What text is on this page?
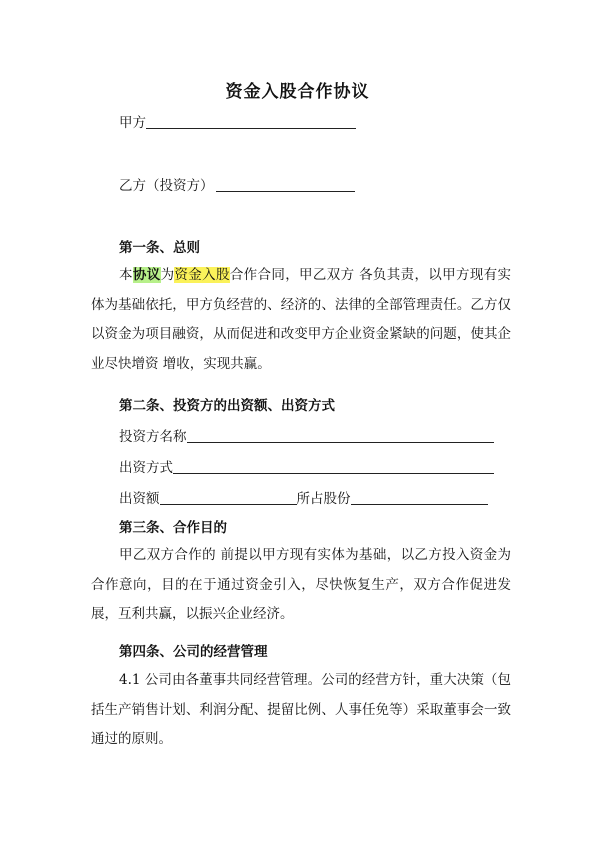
资金入股合作协议
甲方
乙方（投资方）
第一条、总则
本协议为资金入股合作合同，甲乙双方 各负其责，以甲方现有实体为基础依托，甲方负经营的、经济的、法律的全部管理责任。乙方仅以资金为项目融资，从而促进和改变甲方企业资金紧缺的问题，使其企业尽快增资 增收，实现共赢。
第二条、投资方的出资额、出资方式
投资方名称
出资方式
出资额	所占股份
第三条、合作目的
甲乙双方合作的 前提以甲方现有实体为基础，以乙方投入资金为合作意向，目的在于通过资金引入，尽快恢复生产，双方合作促进发展，互利共赢，以振兴企业经济。
第四条、公司的经营管理
4.1 公司由各董事共同经营管理。公司的经营方针，重大决策（包括生产销售计划、利润分配、提留比例、人事任免等）采取董事会一致通过的原则。
